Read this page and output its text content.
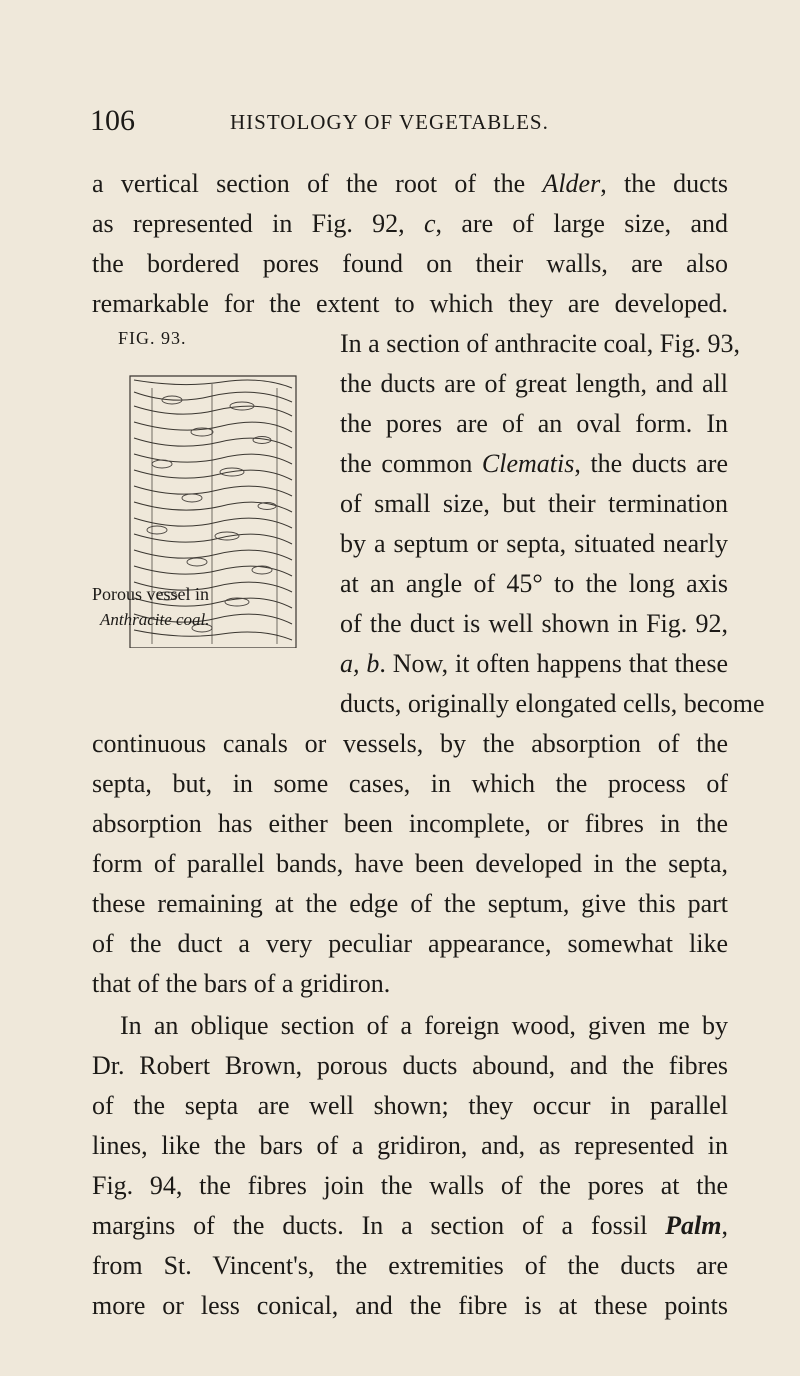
106	HISTOLOGY OF VEGETABLES.
a vertical section of the root of the Alder, the ducts
as represented in Fig. 92, c, are of large size, and
the bordered pores found on their walls, are also
remarkable for the extent to which they are developed.
FIG. 93.
Porous vessel in
Anthracite coal.
In a section of anthracite coal, Fig. 93,
the ducts are of great length, and all
the pores are of an oval form. In
the common Clematis, the ducts are
of small size, but their termination
by a septum or septa, situated nearly
at an angle of 45° to the long axis
of the duct is well shown in Fig. 92,
a, b. Now, it often happens that these
ducts, originally elongated cells, become
continuous canals or vessels, by the absorption of the
septa, but, in some cases, in which the process of
absorption has either been incomplete, or fibres in the
form of parallel bands, have been developed in the septa,
these remaining at the edge of the septum, give this part
of the duct a very peculiar appearance, somewhat like
that of the bars of a gridiron.
In an oblique section of a foreign wood, given me by
Dr. Robert Brown, porous ducts abound, and the fibres
of the septa are well shown; they occur in parallel
lines, like the bars of a gridiron, and, as represented in
Fig. 94, the fibres join the walls of the pores at the
margins of the ducts. In a section of a fossil Palm,
from St. Vincent's, the extremities of the ducts are
more or less conical, and the fibre is at these points
